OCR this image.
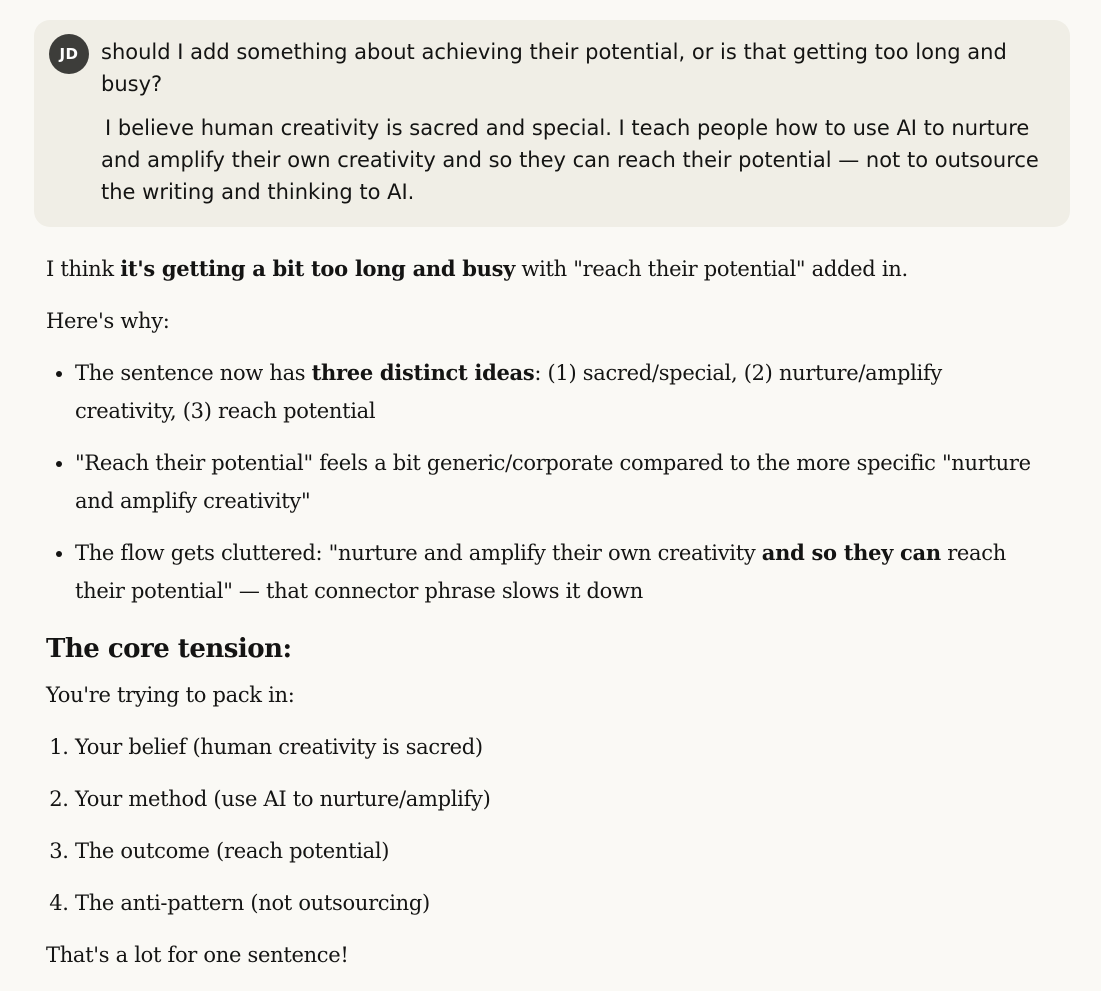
JD	should I add something about achieving their potential, or is that getting too long and busy?

I believe human creativity is sacred and special. I teach people how to use AI to nurture and amplify their own creativity and so they can reach their potential — not to outsource the writing and thinking to AI.

I think it's getting a bit too long and busy with "reach their potential" added in.

Here's why:

• The sentence now has three distinct ideas: (1) sacred/special, (2) nurture/amplify creativity, (3) reach potential
• "Reach their potential" feels a bit generic/corporate compared to the more specific "nurture and amplify creativity"
• The flow gets cluttered: "nurture and amplify their own creativity and so they can reach their potential" — that connector phrase slows it down
The core tension:

You're trying to pack in:

1. Your belief (human creativity is sacred)
2. Your method (use AI to nurture/amplify)
3. The outcome (reach potential)
4. The anti-pattern (not outsourcing)

That's a lot for one sentence!
